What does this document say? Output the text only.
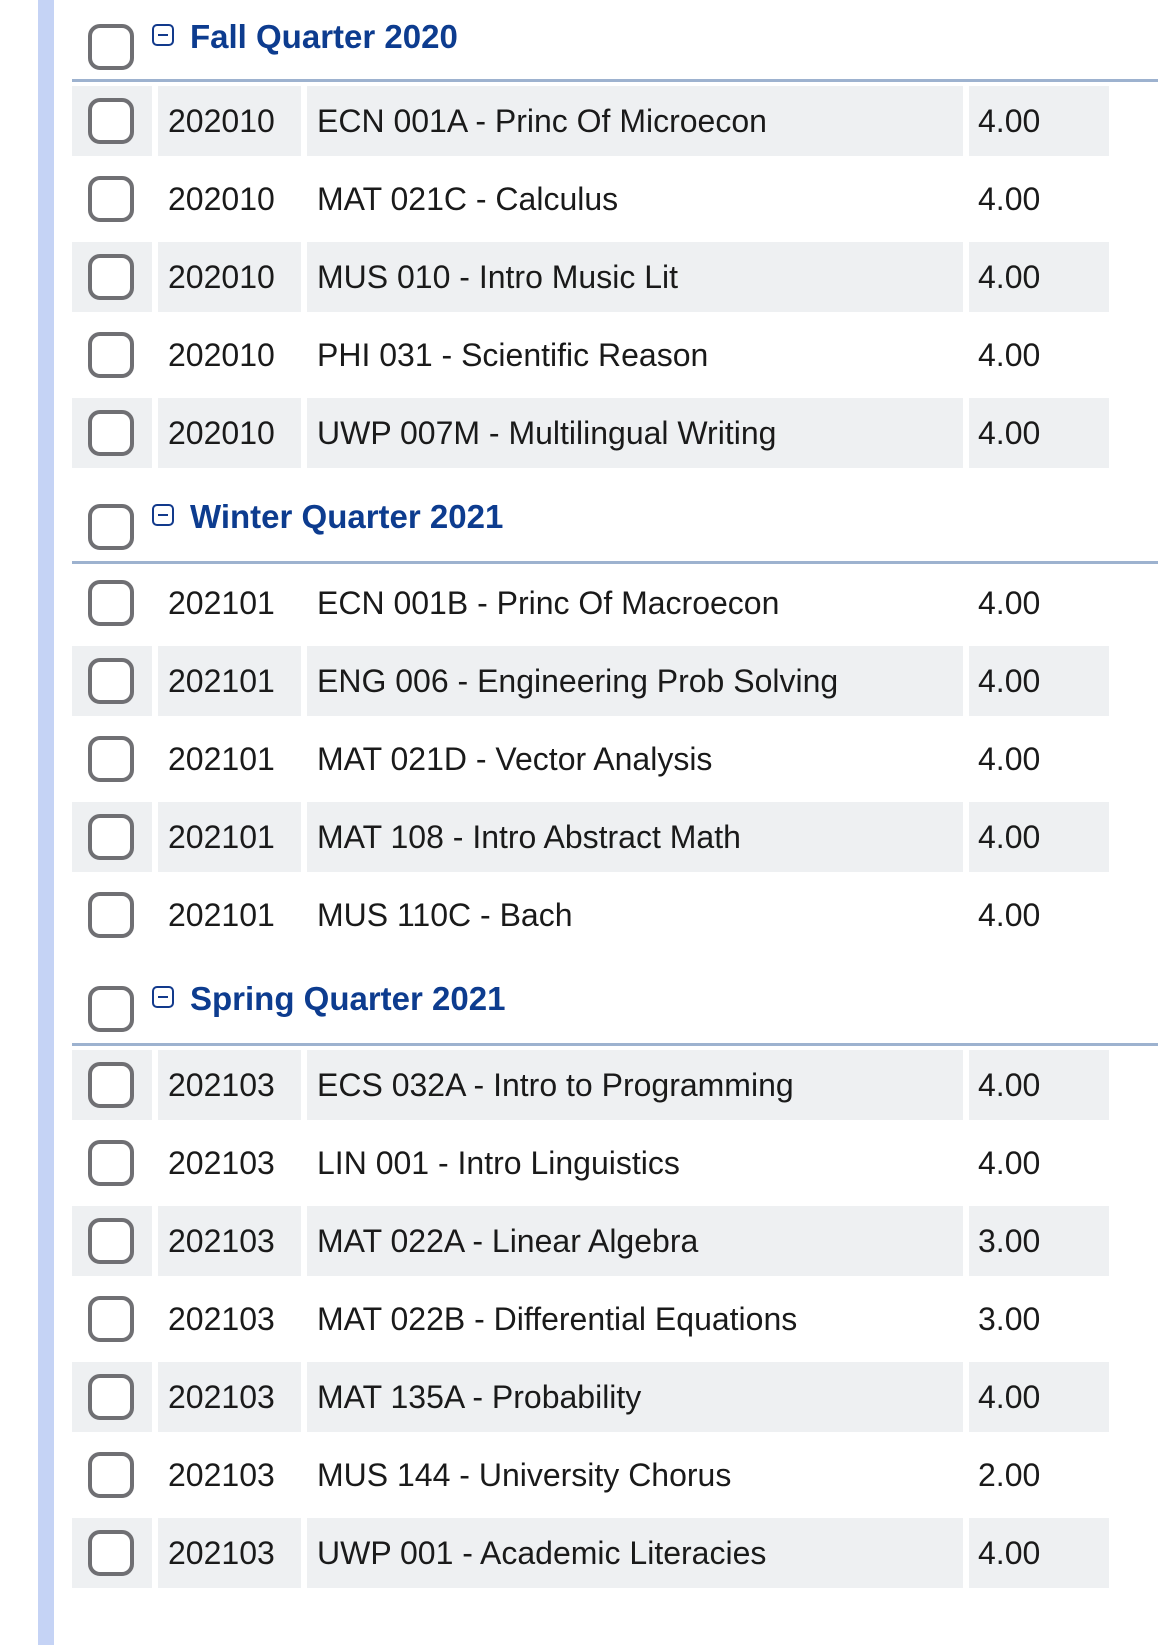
Fall Quarter 2020
202010	ECN 001A - Princ Of Microecon	4.00
202010	MAT 021C - Calculus	4.00
202010	MUS 010 - Intro Music Lit	4.00
202010	PHI 031 - Scientific Reason	4.00
202010	UWP 007M - Multilingual Writing	4.00
Winter Quarter 2021
202101	ECN 001B - Princ Of Macroecon	4.00
202101	ENG 006 - Engineering Prob Solving	4.00
202101	MAT 021D - Vector Analysis	4.00
202101	MAT 108 - Intro Abstract Math	4.00
202101	MUS 110C - Bach	4.00
Spring Quarter 2021
202103	ECS 032A - Intro to Programming	4.00
202103	LIN 001 - Intro Linguistics	4.00
202103	MAT 022A - Linear Algebra	3.00
202103	MAT 022B - Differential Equations	3.00
202103	MAT 135A - Probability	4.00
202103	MUS 144 - University Chorus	2.00
202103	UWP 001 - Academic Literacies	4.00
